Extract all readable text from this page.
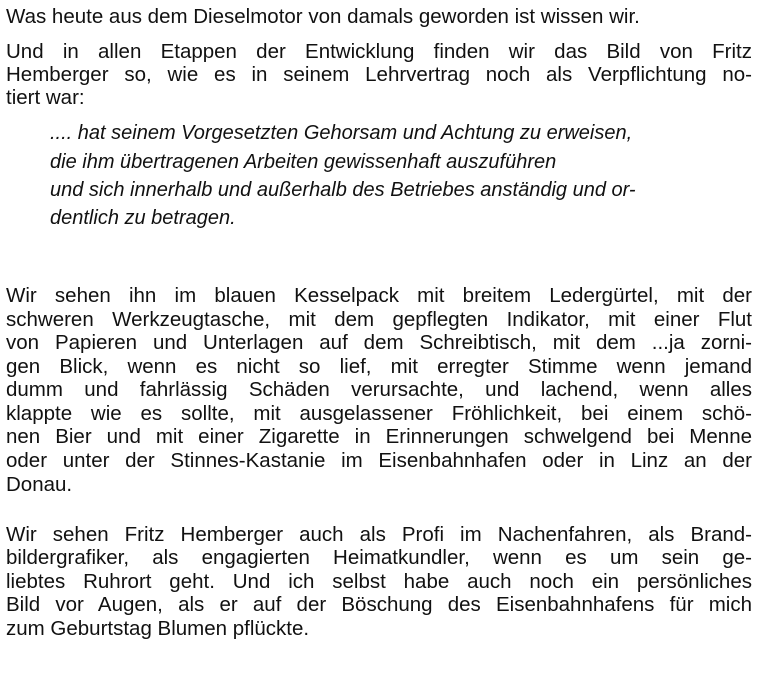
Was heute aus dem Dieselmotor von damals geworden ist wissen wir.
Und in allen Etappen der Entwicklung finden wir das Bild von Fritz
Hemberger so, wie es in seinem Lehrvertrag noch als Verpflichtung no-
tiert war:
.... hat seinem Vorgesetzten Gehorsam und Achtung zu erweisen,
die ihm übertragenen Arbeiten gewissenhaft auszuführen
und sich innerhalb und außerhalb des Betriebes anständig und or-
dentlich zu betragen.
Wir sehen ihn im blauen Kesselpack mit breitem Ledergürtel, mit der
schweren Werkzeugtasche, mit dem gepflegten Indikator, mit einer Flut
von Papieren und Unterlagen auf dem Schreibtisch, mit dem ...ja zorni-
gen Blick, wenn es nicht so lief, mit erregter Stimme wenn jemand
dumm und fahrlässig Schäden verursachte, und lachend, wenn alles
klappte wie es sollte, mit ausgelassener Fröhlichkeit, bei einem schö-
nen Bier und mit einer Zigarette in Erinnerungen schwelgend bei Menne
oder unter der Stinnes-Kastanie im Eisenbahnhafen oder in Linz an der
Donau.
Wir sehen Fritz Hemberger auch als Profi im Nachenfahren, als Brand-
bildergrafiker, als engagierten Heimatkundler, wenn es um sein ge-
liebtes Ruhrort geht. Und ich selbst habe auch noch ein persönliches
Bild vor Augen, als er auf der Böschung des Eisenbahnhafens für mich
zum Geburtstag Blumen pflückte.
